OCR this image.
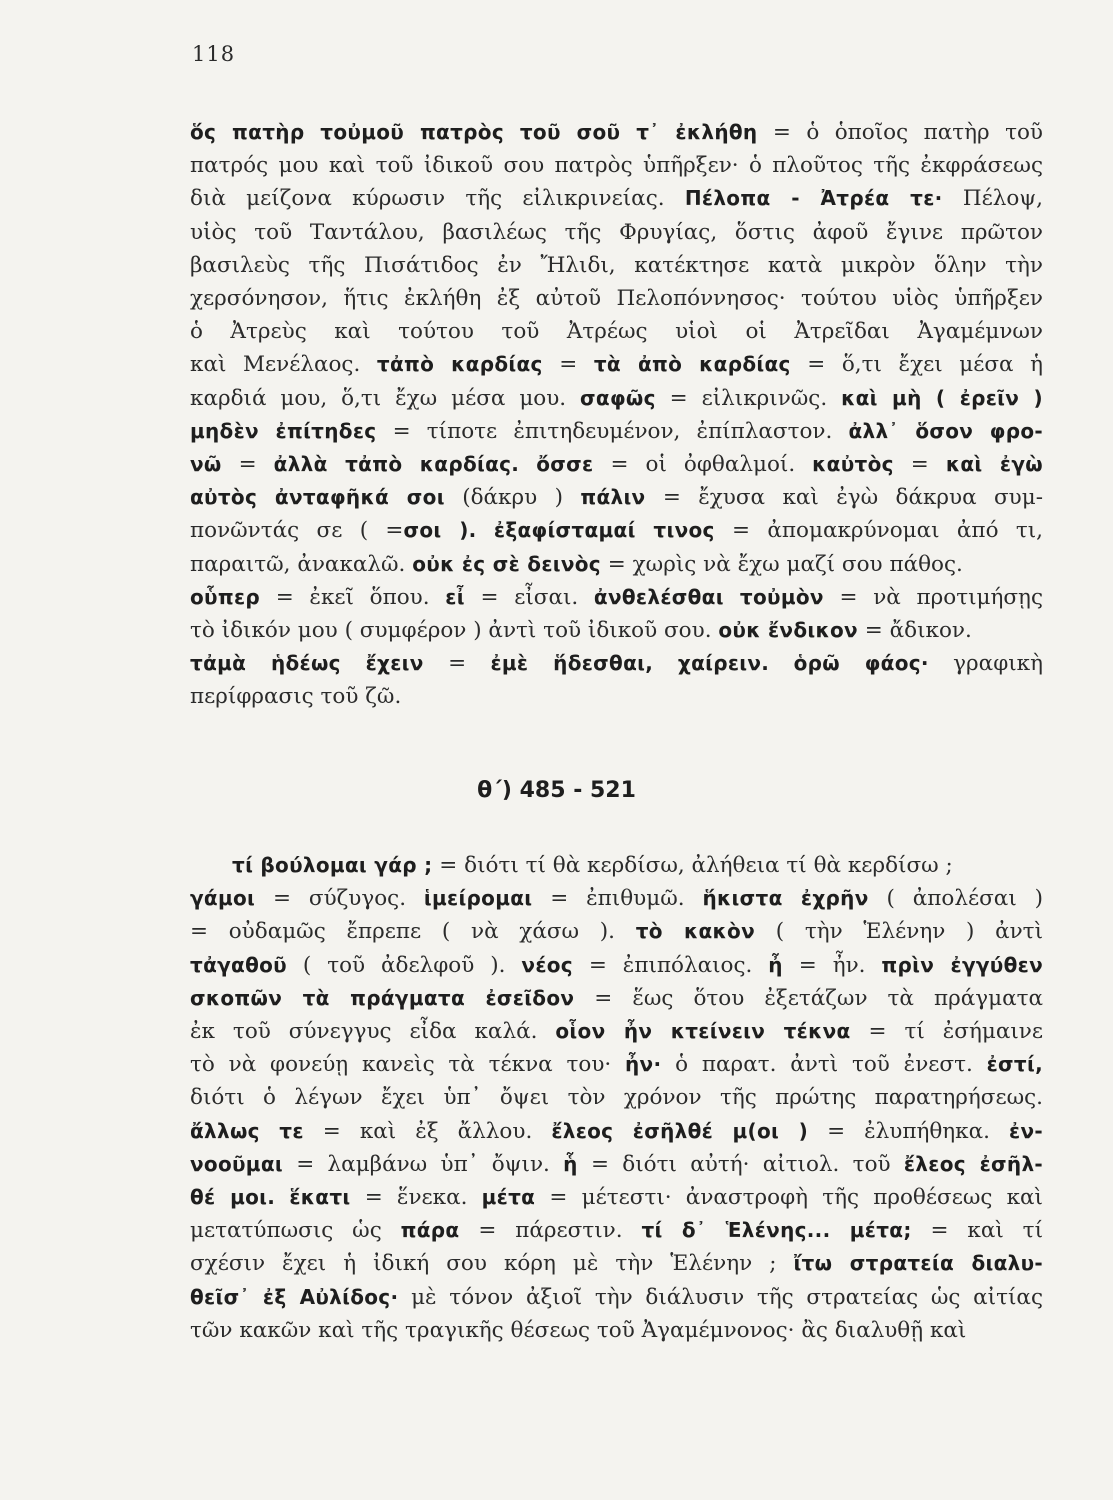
118
ὅς πατὴρ τοὐμοῦ πατρὸς τοῦ σοῦ τ᾽ ἐκλήθη = ὁ ὁποῖος πατὴρ τοῦ
πατρός μου καὶ τοῦ ἰδικοῦ σου πατρὸς ὑπῆρξεν· ὁ πλοῦτος τῆς ἐκφράσεως
διὰ μείζονα κύρωσιν τῆς εἰλικρινείας. Πέλοπα - Ἀτρέα τε· Πέλοψ,
υἱὸς τοῦ Ταντάλου, βασιλέως τῆς Φρυγίας, ὅστις ἀφοῦ ἔγινε πρῶτον
βασιλεὺς τῆς Πισάτιδος ἐν Ἤλιδι, κατέκτησε κατὰ μικρὸν ὅλην τὴν
χερσόνησον, ἥτις ἐκλήθη ἐξ αὐτοῦ Πελοπόννησος· τούτου υἱὸς ὑπῆρξεν
ὁ Ἀτρεὺς καὶ τούτου τοῦ Ἀτρέως υἱοὶ οἱ Ἀτρεῖδαι Ἀγαμέμνων
καὶ Μενέλαος. τἀπὸ καρδίας = τὰ ἀπὸ καρδίας = ὅ,τι ἔχει μέσα ἡ
καρδιά μου, ὅ,τι ἔχω μέσα μου. σαφῶς = εἰλικρινῶς. καὶ μὴ ( ἐρεῖν )
μηδὲν ἐπίτηδες = τίποτε ἐπιτηδευμένον, ἐπίπλαστον. ἀλλ᾽ ὅσον φρο-
νῶ = ἀλλὰ τἀπὸ καρδίας. ὄσσε = οἱ ὀφθαλμοί. καὐτὸς = καὶ ἐγὼ
αὐτὸς ἀνταφῆκά σοι (δάκρυ ) πάλιν = ἔχυσα καὶ ἐγὼ δάκρυα συμ-
πονῶντάς σε ( =σοι ). ἐξαφίσταμαί τινος = ἀπομακρύνομαι ἀπό τι,
παραιτῶ, ἀνακαλῶ. οὐκ ἐς σὲ δεινὸς = χωρὶς νὰ ἔχω μαζί σου πάθος.
οὗπερ = ἐκεῖ ὅπου. εἶ = εἶσαι. ἀνθελέσθαι τοὐμὸν = νὰ προτιμήσῃς
τὸ ἰδικόν μου ( συμφέρον ) ἀντὶ τοῦ ἰδικοῦ σου. οὐκ ἔνδικον = ἄδικον.
τἀμὰ ἡδέως ἔχειν = ἐμὲ ἥδεσθαι, χαίρειν. ὁρῶ φάος· γραφικὴ
περίφρασις τοῦ ζῶ.
θ΄) 485 - 521
τί βούλομαι γάρ ; = διότι τί θὰ κερδίσω, ἀλήθεια τί θὰ κερδίσω ;
γάμοι = σύζυγος. ἱμείρομαι = ἐπιθυμῶ. ἥκιστα ἐχρῆν ( ἀπολέσαι )
= οὐδαμῶς ἔπρεπε ( νὰ χάσω ). τὸ κακὸν ( τὴν Ἑλένην ) ἀντὶ
τἀγαθοῦ ( τοῦ ἀδελφοῦ ). νέος = ἐπιπόλαιος. ἦ = ἦν. πρὶν ἐγγύθεν
σκοπῶν τὰ πράγματα ἐσεῖδον = ἕως ὅτου ἐξετάζων τὰ πράγματα
ἐκ τοῦ σύνεγγυς εἶδα καλά. οἷον ἦν κτείνειν τέκνα = τί ἐσήμαινε
τὸ νὰ φονεύῃ κανεὶς τὰ τέκνα του· ἦν· ὁ παρατ. ἀντὶ τοῦ ἐνεστ. ἐστί,
διότι ὁ λέγων ἔχει ὑπ᾽ ὄψει τὸν χρόνον τῆς πρώτης παρατηρήσεως.
ἄλλως τε = καὶ ἐξ ἄλλου. ἔλεος ἐσῆλθέ μ(οι ) = ἐλυπήθηκα. ἐν-
νοοῦμαι = λαμβάνω ὑπ᾽ ὄψιν. ἧ = διότι αὐτή· αἰτιολ. τοῦ ἔλεος ἐσῆλ-
θέ μοι. ἕκατι = ἕνεκα. μέτα = μέτεστι· ἀναστροφὴ τῆς προθέσεως καὶ
μετατύπωσις ὡς πάρα = πάρεστιν. τί δ᾽ Ἑλένης... μέτα; = καὶ τί
σχέσιν ἔχει ἡ ἰδική σου κόρη μὲ τὴν Ἑλένην ; ἴτω στρατεία διαλυ-
θεῖσ᾽ ἐξ Αὐλίδος· μὲ τόνον ἀξιοῖ τὴν διάλυσιν τῆς στρατείας ὡς αἰτίας
τῶν κακῶν καὶ τῆς τραγικῆς θέσεως τοῦ Ἀγαμέμνονος· ἂς διαλυθῇ καὶ
